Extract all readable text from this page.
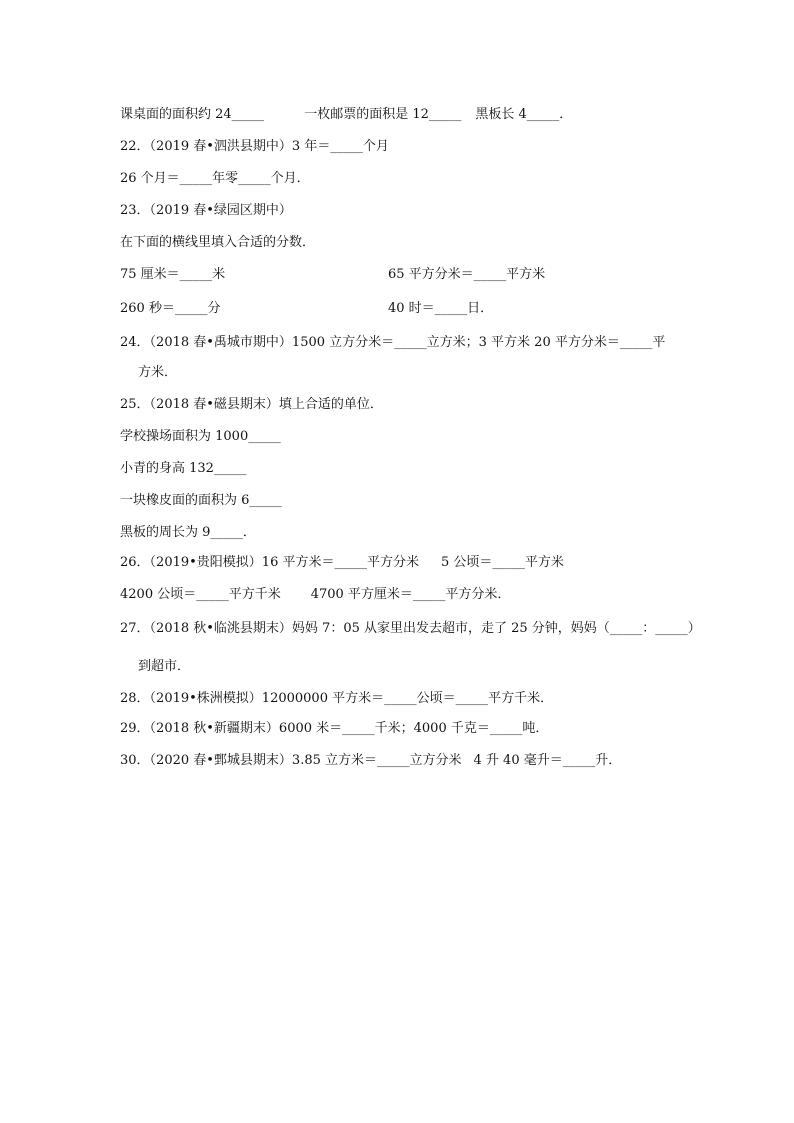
课桌面的面积约 24_____	一枚邮票的面积是 12_____ 黑板长 4_____．
22．（2019 春•泗洪县期中）3 年＝_____个月
26 个月＝_____年零_____个月．
23．（2019 春•绿园区期中）
在下面的横线里填入合适的分数．
75 厘米＝_____米	65 平方分米＝_____平方米
260 秒＝_____分	40 时＝_____日．
24．（2018 春•禹城市期中）1500 立方分米＝_____立方米；3 平方米 20 平方分米＝_____平
方米．
25．（2018 春•磁县期末）填上合适的单位．
学校操场面积为 1000_____
小青的身高 132_____
一块橡皮面的面积为 6_____
黑板的周长为 9_____．
26．（2019•贵阳模拟）16 平方米＝_____平方分米 5 公顷＝_____平方米
4200 公顷＝_____平方千米 4700 平方厘米＝_____平方分米．
27．（2018 秋•临洮县期末）妈妈 7：05 从家里出发去超市，走了 25 分钟，妈妈（_____：_____）
到超市．
28．（2019•株洲模拟）12000000 平方米＝_____公顷＝_____平方千米．
29．（2018 秋•新疆期末）6000 米＝_____千米；4000 千克＝_____吨．
30．（2020 春•鄄城县期末）3.85 立方米＝_____立方分米 4 升 40 毫升＝_____升．
